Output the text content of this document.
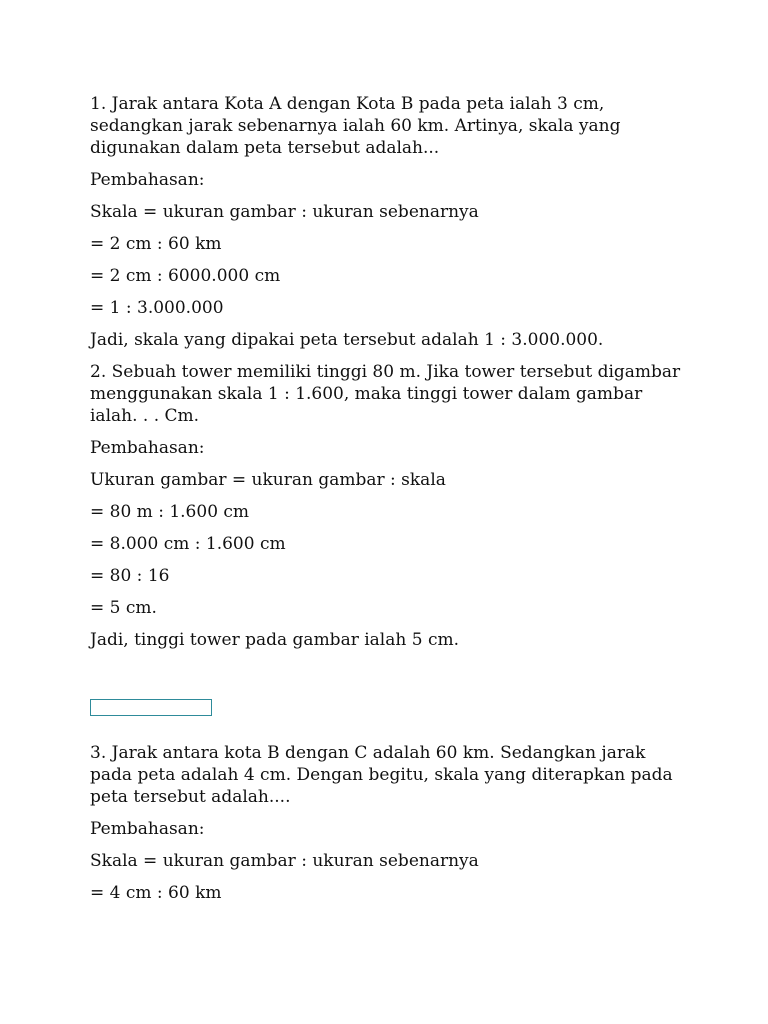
1. Jarak antara Kota A dengan Kota B pada peta ialah 3 cm, sedangkan jarak sebenarnya ialah 60 km. Artinya, skala yang digunakan dalam peta tersebut adalah...

Pembahasan:

Skala = ukuran gambar : ukuran sebenarnya

= 2 cm : 60 km

= 2 cm : 6000.000 cm

= 1 : 3.000.000

Jadi, skala yang dipakai peta tersebut adalah 1 : 3.000.000.

2. Sebuah tower memiliki tinggi 80 m. Jika tower tersebut digambar menggunakan skala 1 : 1.600, maka tinggi tower dalam gambar ialah. . . Cm.

Pembahasan:

Ukuran gambar = ukuran gambar : skala

= 80 m : 1.600 cm

= 8.000 cm : 1.600 cm

= 80 : 16

= 5 cm.

Jadi, tinggi tower pada gambar ialah 5 cm.

3. Jarak antara kota B dengan C adalah 60 km. Sedangkan jarak pada peta adalah 4 cm. Dengan begitu, skala yang diterapkan pada peta tersebut adalah....

Pembahasan:

Skala = ukuran gambar : ukuran sebenarnya

= 4 cm : 60 km
